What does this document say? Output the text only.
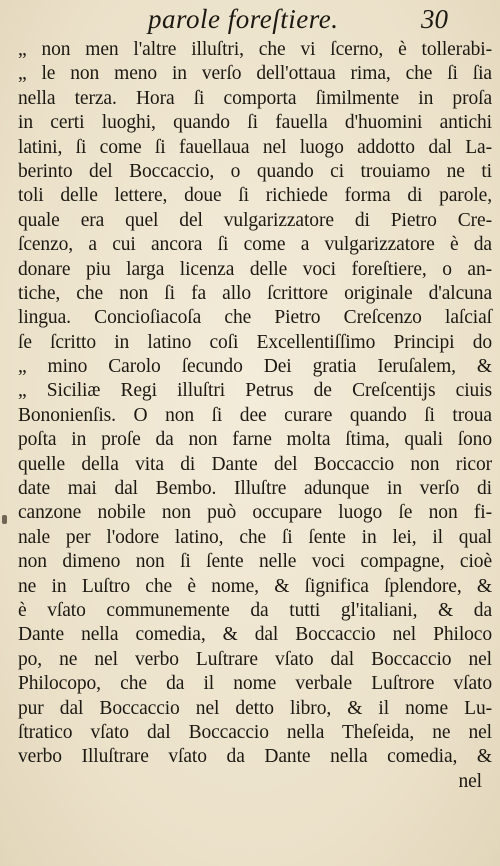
parole foreſtiere.	30
„ non men l'altre illuſtri, che vi ſcerno, è tollerabi-
„ le non meno in verſo dell'ottaua rima, che ſi ſia
nella terza. Hora ſi comporta ſimilmente in proſa
in certi luoghi, quando ſi fauella d'huomini antichi
latini, ſi come ſi fauellaua nel luogo addotto dal La-
berinto del Boccaccio, o quando ci trouiamo ne ti
toli delle lettere, doue ſi richiede forma di parole,
quale era quel del vulgarizzatore di Pietro Cre-
ſcenzo, a cui ancora ſi come a vulgarizzatore è da
donare piu larga licenza delle voci foreſtiere, o an-
tiche, che non ſi fa allo ſcrittore originale d'alcuna
lingua. Concioſiacoſa che Pietro Creſcenzo laſciaſ
ſe ſcritto in latino coſi Excellentiſſimo Principi do
„ mino Carolo ſecundo Dei gratia Ieruſalem, &
„ Siciliæ Regi illuſtri Petrus de Creſcentijs ciuis
Bononienſis. O non ſi dee curare quando ſi troua
poſta in proſe da non farne molta ſtima, quali ſono
quelle della vita di Dante del Boccaccio non ricor
date mai dal Bembo. Illuſtre adunque in verſo di
canzone nobile non può occupare luogo ſe non fi-
nale per l'odore latino, che ſi ſente in lei, il qual
non dimeno non ſi ſente nelle voci compagne, cioè
ne in Luſtro che è nome, & ſignifica ſplendore, &
è vſato communemente da tutti gl'italiani, & da
Dante nella comedia, & dal Boccaccio nel Philoco
po, ne nel verbo Luſtrare vſato dal Boccaccio nel
Philocopo, che da il nome verbale Luſtrore vſato
pur dal Boccaccio nel detto libro, & il nome Lu-
ſtratico vſato dal Boccaccio nella Theſeida, ne nel
verbo Illuſtrare vſato da Dante nella comedia, &
nel
